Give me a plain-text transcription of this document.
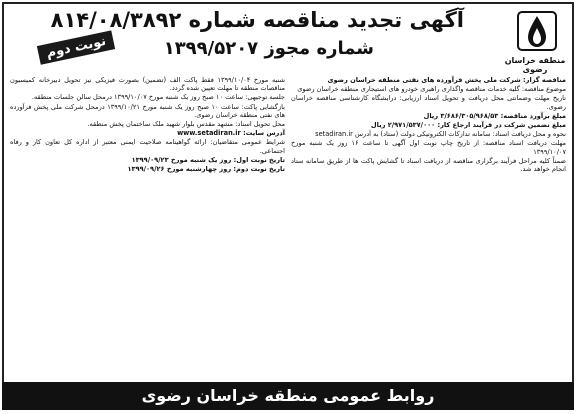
آگهی تجدید مناقصه شماره ۸۱۴/۰۸/۳۸۹۲
شماره مجوز ۱۳۹۹/۵۲۰۷
نوبت دوم	منطقه خراسان رضوی

شنبه مورخ ۱۳۹۹/۱۰/۰۴ فقط پاکت الف (تضمین) بصورت فیزیکی نیز تحویل دبیرخانه کمیسیون مناقصات منطقه تا مهلت تعیین شده گردد.

جلسه توجیهی: ساعت ۱۰ صبح روز یک شنبه مورخ ۱۳۹۹/۱۰/۰۷ درمحل سالن جلسات منطقه.

بازگشایی پاکت: ساعت ۱۰ صبح روز یک شنبه مورخ ۱۳۹۹/۱۰/۲۱ درمحل شرکت ملی پخش فرآورده های نفتی منطقه خراسان رضوی.

محل تحویل اسناد: مشهد مقدس بلوار شهید ملک ساختمان پخش منطقه.

آدرس سایت: www.setadiran.ir

شرایط عمومی متقاضیان: ارائه گواهینامه صلاحیت ایمنی معتبر از اداره کل تعاون کار و رفاه اجتماعی.

تاریخ نوبت اول: روز یک شنبه مورخ ۱۳۹۹/۰۹/۲۳

تاریخ نوبت دوم: روز چهارشنبه مورخ ۱۳۹۹/۰۹/۲۶

مناقصه گزار: شرکت ملی پخش فرآورده های نفتی منطقه خراسان رضوی

موضوع مناقصه: گلیه خدمات مناقصه واگذاری راهبری خودرو های استیجاری منطقه خراسان رضوی

تاریخ مهلت وضمانتی محل دریافت و تحویل اسناد ارزیابی: درایشگاه کارشناسی مناقصه خراسان رضوی.

مبلغ برآورد مناقصه: ۳/۶۸۶/۳۰۵/۹۶۸/۵۳ ریال

مبلغ تضمین شرکت در فرآیند ارجاع کار: ۲/۹۷۱/۵۳۷/۰۰۰ ریال

نحوه و محل دریافت اسناد: سامانه تدارکات الکترونیکی دولت (ستاد) به آدرس setadiran.ir

مهلت دریافت اسناد مناقصه: از تاریخ چاپ نوبت اول آگهی تا ساعت ۱۶ روز یک شنبه مورخ ۱۳۹۹/۱۰/۰۷

ضمناً کلیه مراحل فرآیند برگزاری مناقصه از دریافت اسناد تا گشایش پاکت ها از طریق سامانه ستاد انجام خواهد شد.

روابط عمومی منطقه خراسان رضوی
